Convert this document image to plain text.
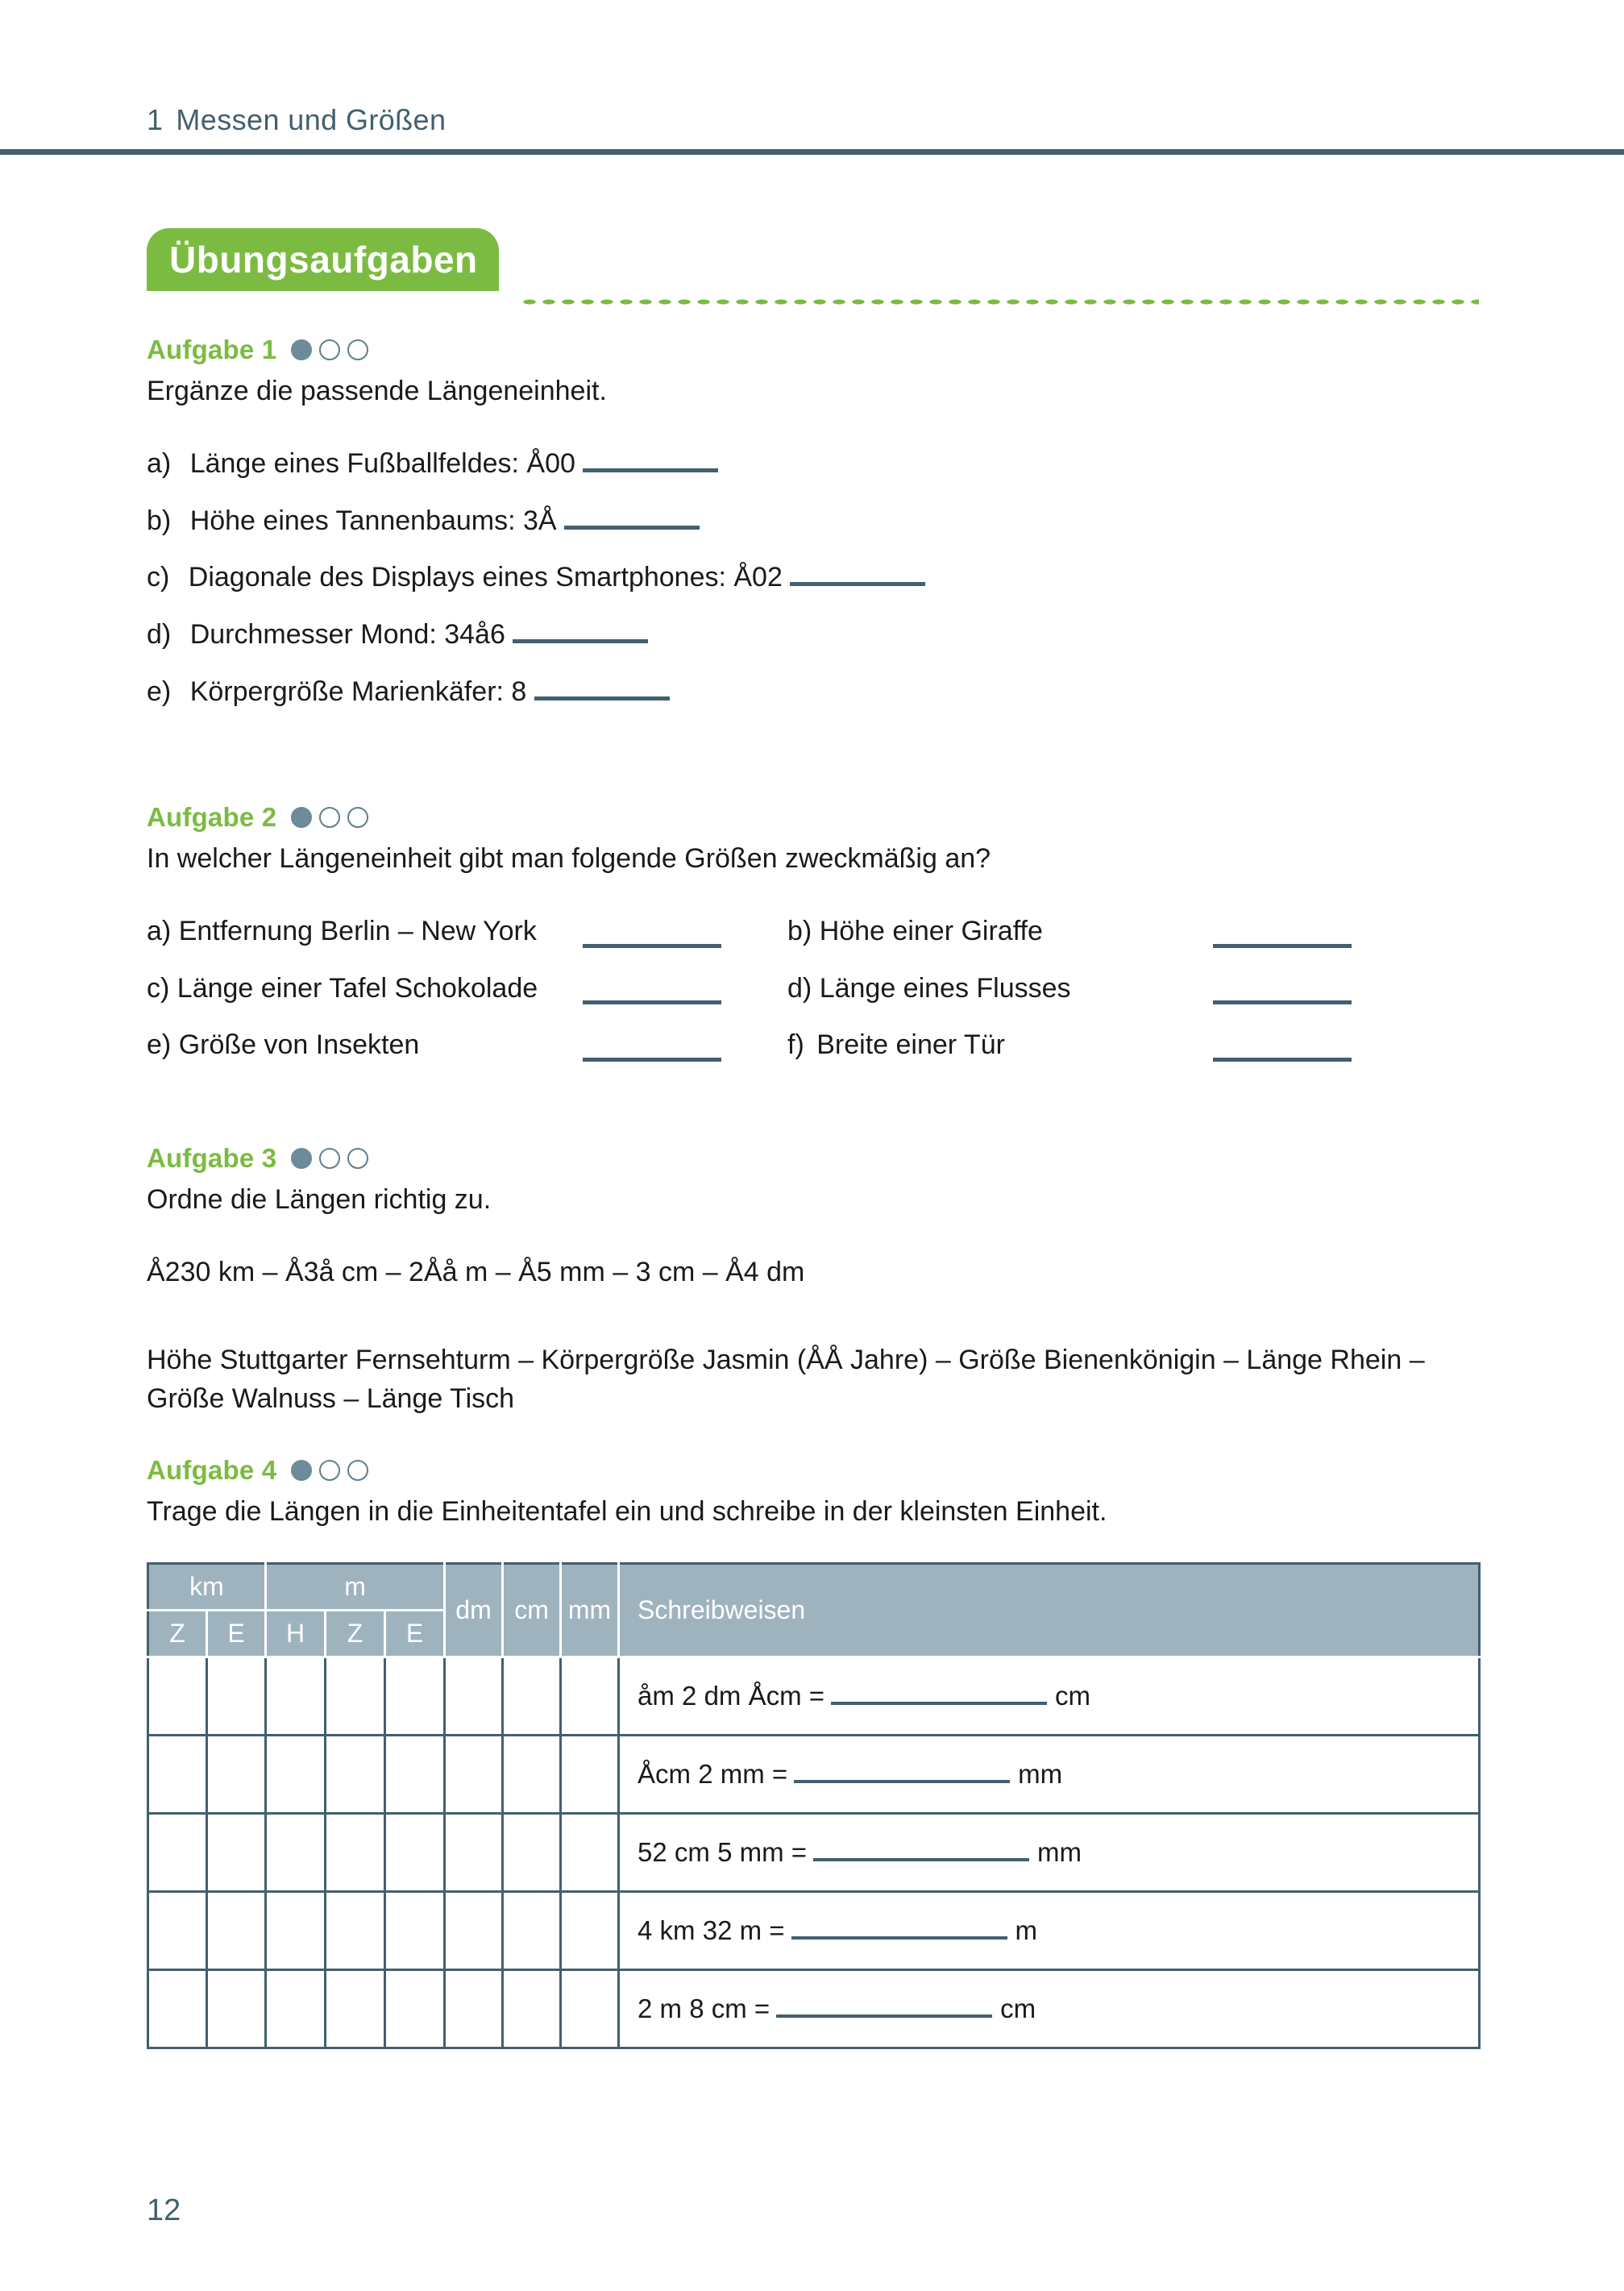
1 Messen und Größen
Übungsaufgaben
Aufgabe 1

Ergänze die passende Längeneinheit.

a) Länge eines Fußballfeldes: Å00
b) Höhe eines Tannenbaums: 3Å
c) Diagonale des Displays eines Smartphones: Å02
d) Durchmesser Mond: 34å6
e) Körpergröße Marienkäfer: 8
Aufgabe 2

In welcher Längeneinheit gibt man folgende Größen zweckmäßig an?

a) Entfernung Berlin – New York	b) Höhe einer Giraffe
c) Länge einer Tafel Schokolade	d) Länge eines Flusses
e) Größe von Insekten	f) Breite einer Tür
Aufgabe 3

Ordne die Längen richtig zu.

Å230 km – Å3å cm – 2Åå m – Å5 mm – 3 cm – Å4 dm
Höhe Stuttgarter Fernsehturm – Körpergröße Jasmin (ÅÅ Jahre) – Größe Bienenkönigin – Länge Rhein – Größe Walnuss – Länge Tisch
Aufgabe 4

Trage die Längen in die Einheitentafel ein und schreibe in der kleinsten Einheit.

km		m			dm	cm	mm	Schreibweisen
Z	E	H	Z	E				
								åm 2 dm Åcm = cm
								Åcm 2 mm = mm
								52 cm 5 mm = mm
								4 km 32 m = m
								2 m 8 cm = cm
12
